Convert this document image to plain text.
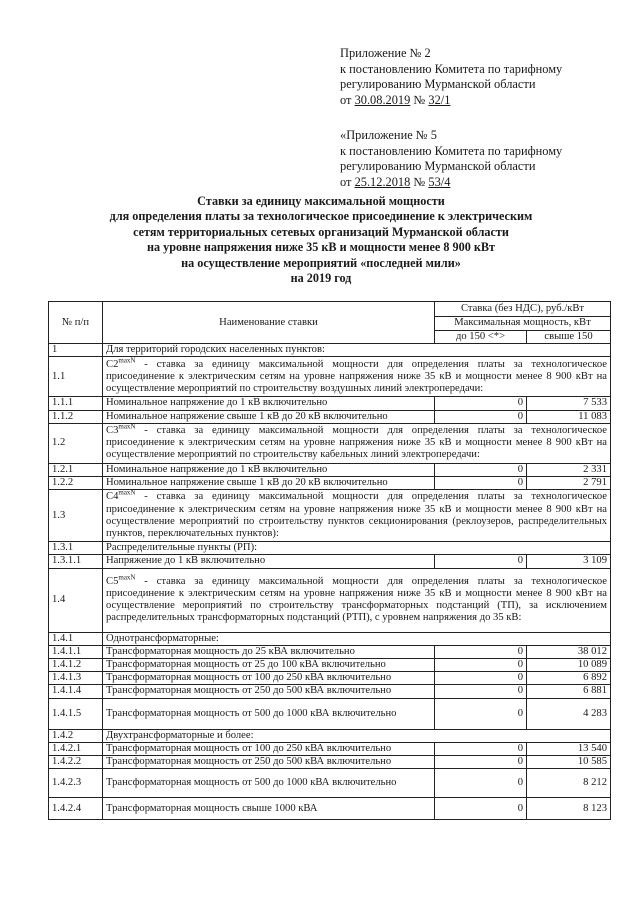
Приложение № 2

к постановлению Комитета по тарифному

регулированию Мурманской области

от 30.08.2019 № 32/1

«Приложение № 5

к постановлению Комитета по тарифному

регулированию Мурманской области

от 25.12.2018 № 53/4

Ставки за единицу максимальной мощности

для определения платы за технологическое присоединение к электрическим

сетям территориальных сетевых организаций Мурманской области

на уровне напряжения ниже 35 кВ и мощности менее 8 900 кВт

на осуществление мероприятий «последней мили»

на 2019 год

№ п/п	Наименование ставки	Ставка (без НДС), руб./кВт	
		Максимальная мощность, кВт	
		до 150 <*>	свыше 150
1	Для территорий городских населенных пунктов:		
1.1	$C2^{maxN}$ - ставка за единицу максимальной мощности для определения платы за технологическое присоединение к электрическим сетям на уровне напряжения ниже 35 кВ и мощности менее 8 900 кВт на осуществление мероприятий по строительству воздушных линий электропередачи:		
1.1.1	Номинальное напряжение до 1 кВ включительно	0	7 533
1.1.2	Номинальное напряжение свыше 1 кВ до 20 кВ включительно	0	11 083
1.2	$C3^{maxN}$ - ставка за единицу максимальной мощности для определения платы за технологическое присоединение к электрическим сетям на уровне напряжения ниже 35 кВ и мощности менее 8 900 кВт на осуществление мероприятий по строительству кабельных линий электропередачи:		
1.2.1	Номинальное напряжение до 1 кВ включительно	0	2 331
1.2.2	Номинальное напряжение свыше 1 кВ до 20 кВ включительно	0	2 791
1.3	$C4^{maxN}$ - ставка за единицу максимальной мощности для определения платы за технологическое присоединение к электрическим сетям на уровне напряжения ниже 35 кВ и мощности менее 8 900 кВт на осуществление мероприятий по строительству пунктов секционирования (реклоузеров, распределительных пунктов, переключательных пунктов):		
1.3.1	Распределительные пункты (РП):		
1.3.1.1	Напряжение до 1 кВ включительно	0	3 109
1.4	$C5^{maxN}$ - ставка за единицу максимальной мощности для определения платы за технологическое присоединение к электрическим сетям на уровне напряжения ниже 35 кВ и мощности менее 8 900 кВт на осуществление мероприятий по строительству трансформаторных подстанций (ТП), за исключением распределительных трансформаторных подстанций (РТП), с уровнем напряжения до 35 кВ:		
1.4.1	Однотрансформаторные:		
1.4.1.1	Трансформаторная мощность до 25 кВА включительно	0	38 012
1.4.1.2	Трансформаторная мощность от 25 до 100 кВА включительно	0	10 089
1.4.1.3	Трансформаторная мощность от 100 до 250 кВА включительно	0	6 892
1.4.1.4	Трансформаторная мощность от 250 до 500 кВА включительно	0	6 881
1.4.1.5	Трансформаторная мощность от 500 до 1000 кВА включительно	0	4 283
1.4.2	Двухтрансформаторные и более:		
1.4.2.1	Трансформаторная мощность от 100 до 250 кВА включительно	0	13 540
1.4.2.2	Трансформаторная мощность от 250 до 500 кВА включительно	0	10 585
1.4.2.3	Трансформаторная мощность от 500 до 1000 кВА включительно	0	8 212
1.4.2.4	Трансформаторная мощность свыше 1000 кВА	0	8 123
